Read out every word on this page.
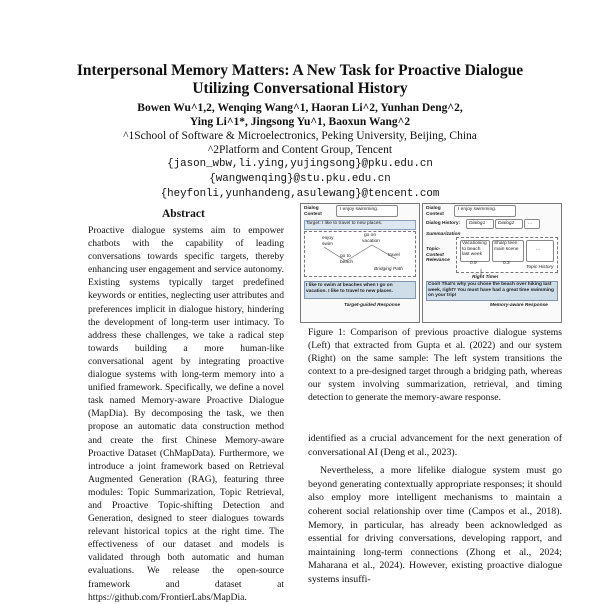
Interpersonal Memory Matters: A New Task for Proactive Dialogue
Utilizing Conversational History
Bowen Wu^1,2, Wenqing Wang^1, Haoran Li^2, Yunhan Deng^2,
Ying Li^1*, Jingsong Yu^1, Baoxun Wang^2
^1School of Software & Microelectronics, Peking University, Beijing, China
^2Platform and Content Group, Tencent
{jason_wbw,li.ying,yujingsong}@pku.edu.cn
{wangwenqing}@stu.pku.edu.cn
{heyfonli,yunhandeng,asulewang}@tencent.com
Abstract

Proactive dialogue systems aim to empower chatbots with the capability of leading conversations towards specific targets, thereby enhancing user engagement and service autonomy. Existing systems typically target predefined keywords or entities, neglecting user attributes and preferences implicit in dialogue history, hindering the development of long-term user intimacy. To address these challenges, we take a radical step towards building a more human-like conversational agent by integrating proactive dialogue systems with long-term memory into a unified framework. Specifically, we define a novel task named Memory-aware Proactive Dialogue (MapDia). By decomposing the task, we then propose an automatic data construction method and create the first Chinese Memory-aware Proactive Dataset (ChMapData). Furthermore, we introduce a joint framework based on Retrieval Augmented Generation (RAG), featuring three modules: Topic Summarization, Topic Retrieval, and Proactive Topic-shifting Detection and Generation, designed to steer dialogues towards relevant historical topics at the right time. The effectiveness of our dataset and models is validated through both automatic and human evaluations. We release the open-source framework and dataset at https://github.com/FrontierLabs/MapDia.

Dialog
Context
I enjoy swimming.
Target: I like to travel to new places.
enjoy
swim
go on
vacation
go to
beach
travel
Bridging Path
I like to swim at beaches when I go on vacation. I like to travel to new places.
Target-guided Response
Dialog
Context
I enjoy swimming.
Dialog History: Dialog1	Dialog2	...
Summarization
Topic-Context Relevance
Vacationing to beach last week
0.9
Sharp teen main scene
0.3
...
Topic History
Right Time!
Cool! That's why you chose the beach over hiking last week, right? You must have had a great time swimming on your trip!
Memory-aware Response

Figure 1: Comparison of previous proactive dialogue systems (Left) that extracted from Gupta et al. (2022) and our system (Right) on the same sample: The left system transitions the context to a pre-designed target through a bridging path, whereas our system involving summarization, retrieval, and timing detection to generate the memory-aware response.

identified as a crucial advancement for the next generation of conversational AI (Deng et al., 2023).

Nevertheless, a more lifelike dialogue system must go beyond generating contextually appropriate responses; it should also employ more intelligent mechanisms to maintain a coherent social relationship over time (Campos et al., 2018). Memory, in particular, has already been acknowledged as essential for driving conversations, developing rapport, and maintaining long-term connections (Zhong et al., 2024; Maharana et al., 2024). However, existing proactive dialogue systems insuffi-
